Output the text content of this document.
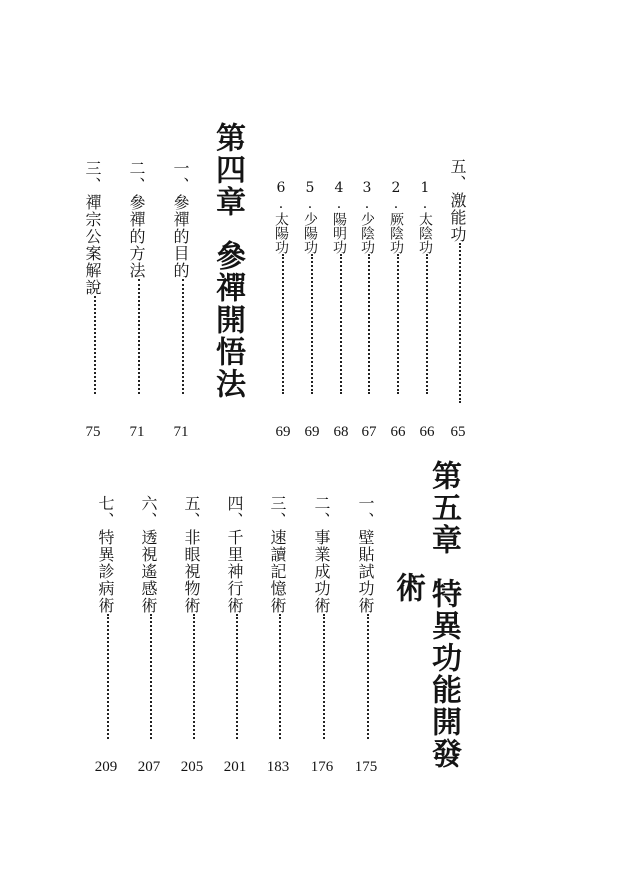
五、激能功
65
1.太陰功
66
2.厥陰功
66
3.少陰功
67
4.陽明功
68
5.少陽功
69
6.太陽功
69
第四章參禪開悟法
一、參禪的目的
71
二、參禪的方法
71
三、禪宗公案解說
75
第五章特異功能開發
術
一、壁貼試功術
175
二、事業成功術
176
三、速讀記憶術
183
四、千里神行術
201
五、非眼視物術
205
六、透視遙感術
207
七、特異診病術
209
